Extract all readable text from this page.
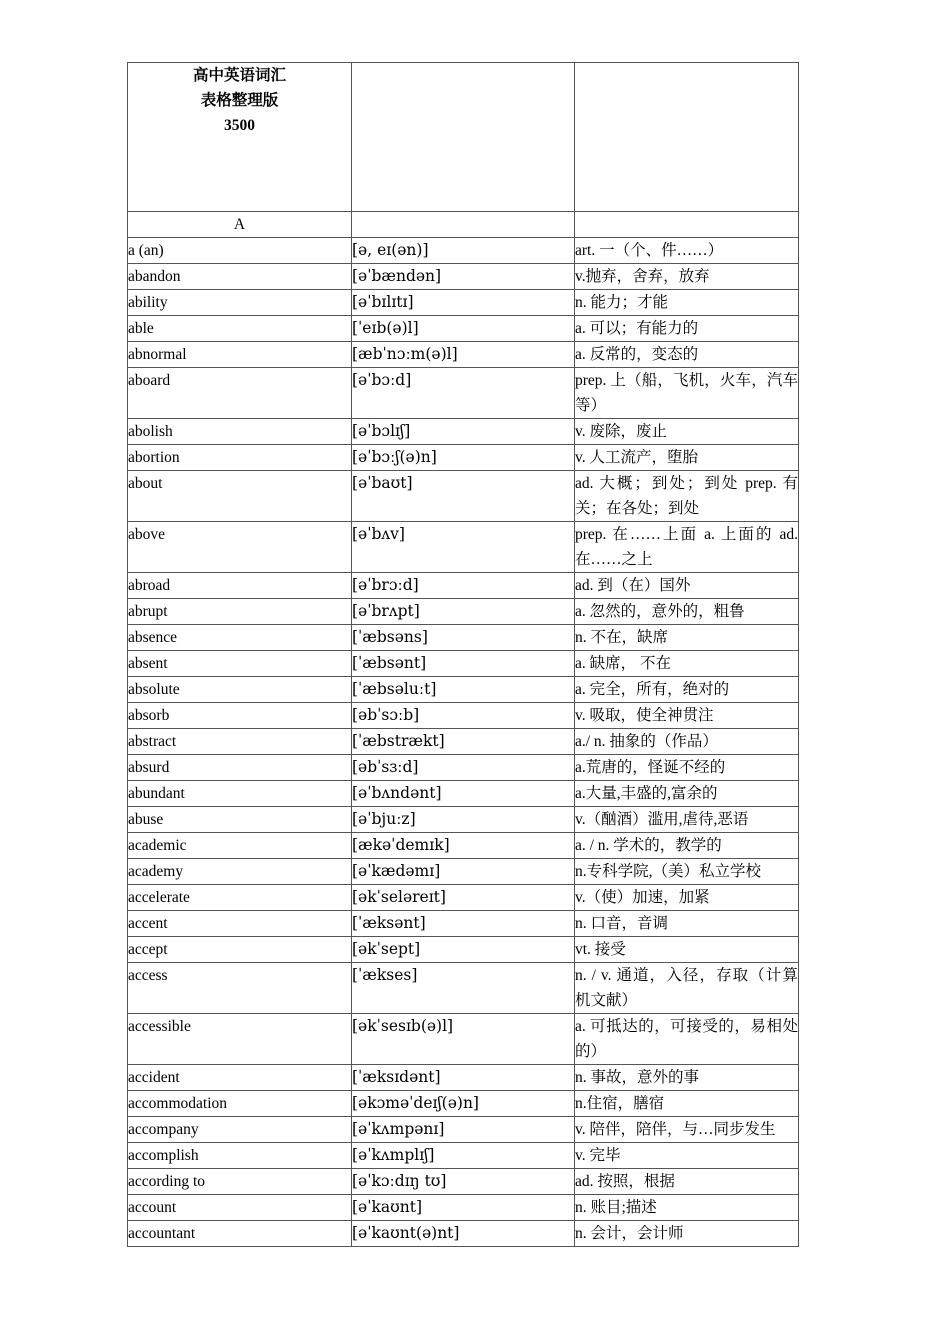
高中英语词汇
表格整理版
3500		

A		
a (an)	[ə, eɪ(ən)]	art. 一（个、件……）
abandon	[əˈbændən]	v.抛弃，舍弃，放弃
ability	[əˈbɪlɪtɪ]	n. 能力；才能
able	[ˈeɪb(ə)l]	a. 可以；有能力的
abnormal	[æbˈnɔːm(ə)l]	a. 反常的，变态的
aboard	[əˈbɔːd]	prep. 上（船，飞机，火车，汽车等）
abolish	[əˈbɔlɪʃ]	v. 废除，废止
abortion	[əˈbɔːʃ(ə)n]	v. 人工流产，堕胎
about	[əˈbaʊt]	ad. 大概；到处；到处 prep. 有关；在各处；到处
above	[əˈbʌv]	prep. 在……上面 a. 上面的 ad. 在……之上
abroad	[əˈbrɔːd]	ad. 到（在）国外
abrupt	[əˈbrʌpt]	a. 忽然的，意外的，粗鲁
absence	[ˈæbsəns]	n. 不在，缺席
absent	[ˈæbsənt]	a. 缺席， 不在
absolute	[ˈæbsəluːt]	a. 完全，所有，绝对的
absorb	[əbˈsɔːb]	v. 吸取，使全神贯注
abstract	[ˈæbstrækt]	a./ n. 抽象的（作品）
absurd	[əbˈsɜːd]	a.荒唐的，怪诞不经的
abundant	[əˈbʌndənt]	a.大量,丰盛的,富余的
abuse	[əˈbjuːz]	v.（酗酒）滥用,虐待,恶语
academic	[ækəˈdemɪk]	a. / n. 学术的，教学的
academy	[əˈkædəmɪ]	n.专科学院,（美）私立学校
accelerate	[əkˈseləreɪt]	v.（使）加速，加紧
accent	[ˈæksənt]	n. 口音，音调
accept	[əkˈsept]	vt. 接受
access	[ˈækses]	n. / v. 通道，入径，存取（计算机文献）
accessible	[əkˈsesɪb(ə)l]	a. 可抵达的，可接受的，易相处的）
accident	[ˈæksɪdənt]	n. 事故，意外的事
accommodation	[əkɔməˈdeɪʃ(ə)n]	n.住宿，膳宿
accompany	[əˈkʌmpənɪ]	v. 陪伴，陪伴，与…同步发生
accomplish	[əˈkʌmplɪʃ]	v. 完毕
according to	[əˈkɔːdɪŋ tʊ]	ad. 按照，根据
account	[əˈkaʊnt]	n. 账目;描述
accountant	[əˈkaʊnt(ə)nt]	n. 会计，会计师
